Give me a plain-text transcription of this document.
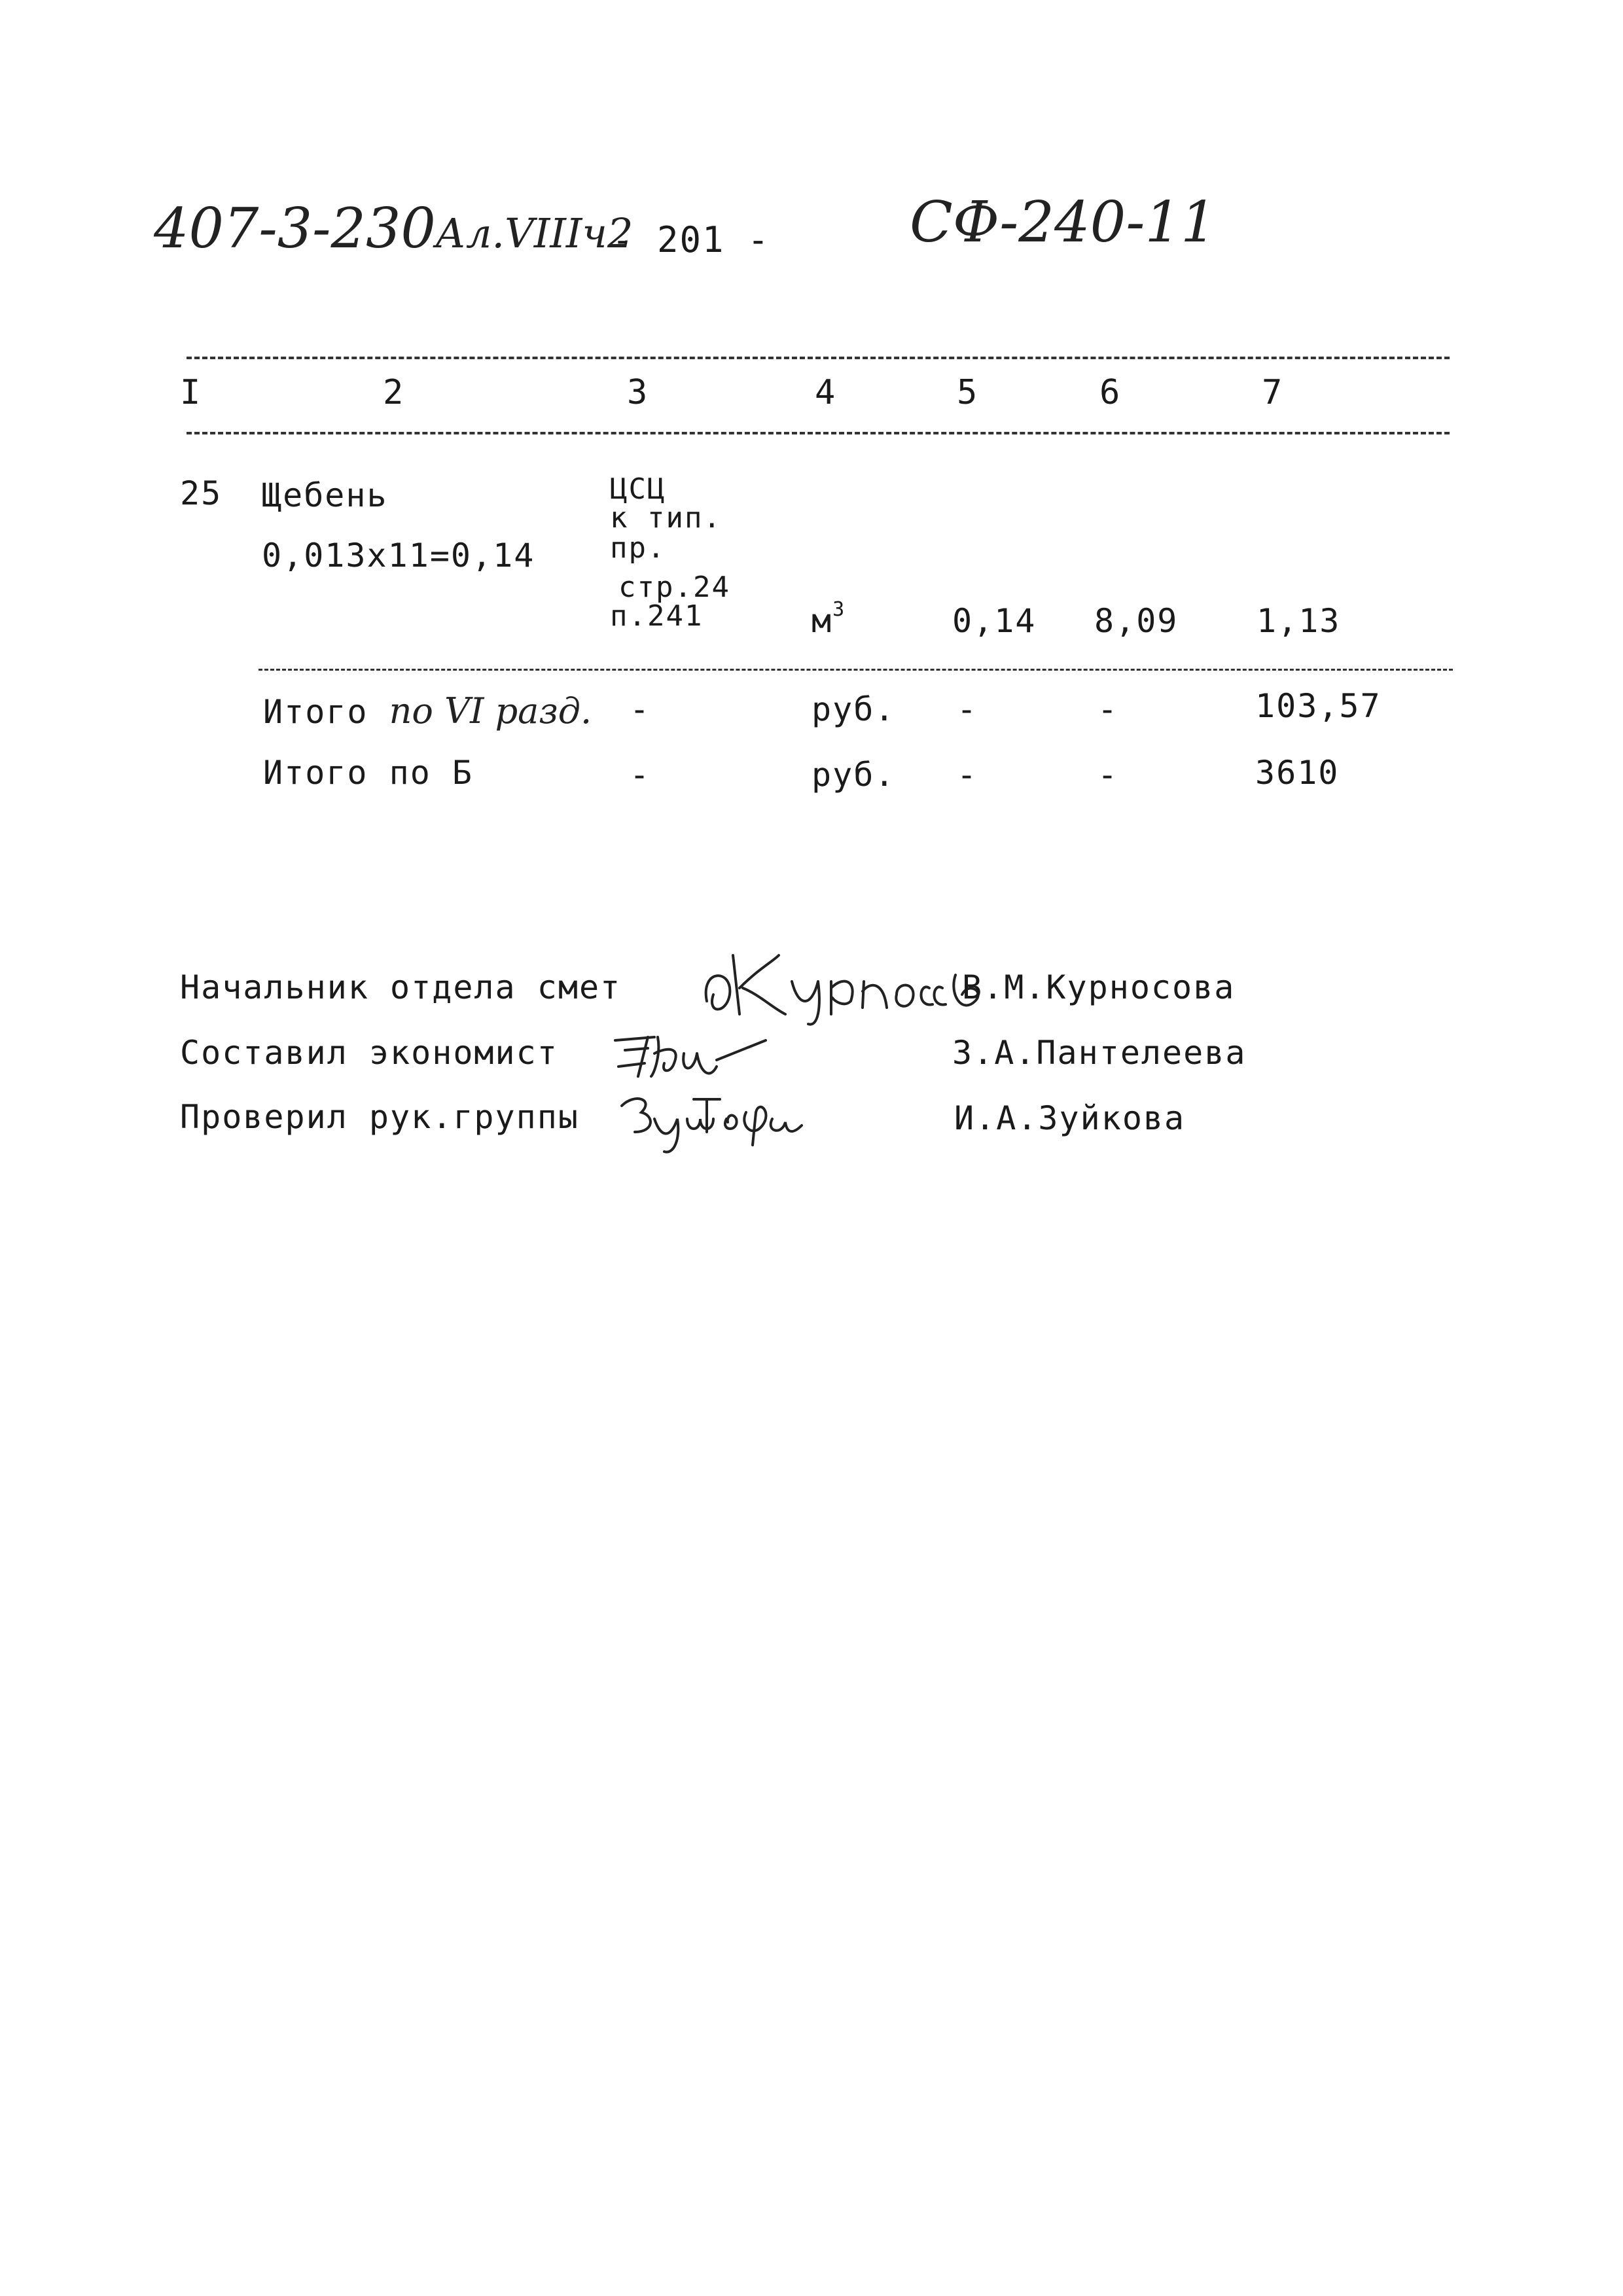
407-3-230 Ал.VIIIч2
- 201 - СФ-240-11
I	2	3	4	5	6	7
25 Щебень
0,013х11=0,14
ЦСЦ
к тип.
пр.
стр.24
п.241	$м^3$	0,14 8,09 1,13
Итого по VI разд. -	руб. -	-	103,57
Итого по Б	-	руб. -	-	3610
Начальник отдела смет	В.М.Курносова
Составил экономист	З.А.Пантелеева
Проверил рук.группы	И.А.Зуйкова
